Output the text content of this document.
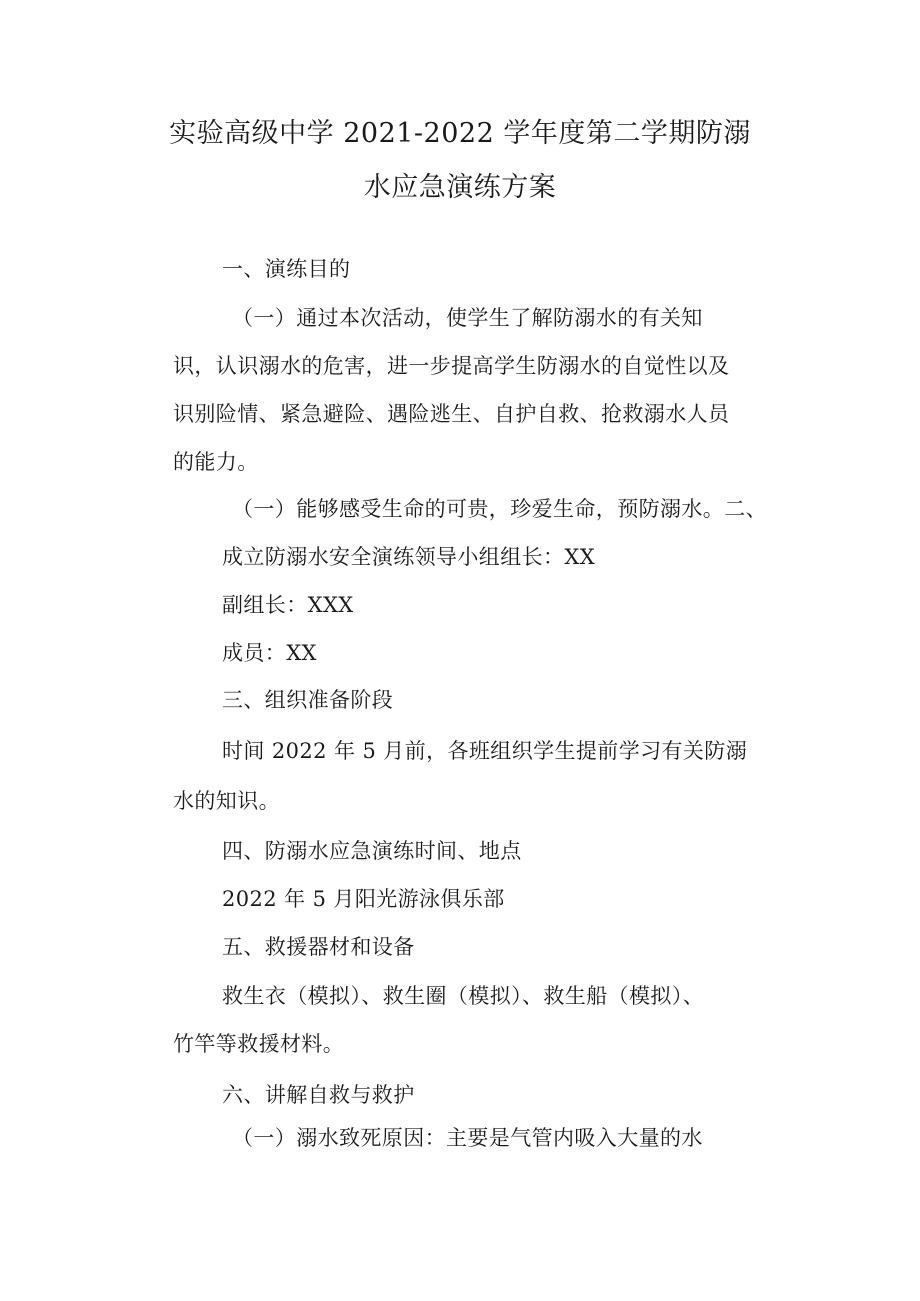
实验高级中学 2021-2022 学年度第二学期防溺
水应急演练方案
一、演练目的
（一）通过本次活动，使学生了解防溺水的有关知
识，认识溺水的危害，进一步提高学生防溺水的自觉性以及
识别险情、紧急避险、遇险逃生、自护自救、抢救溺水人员
的能力。
（一）能够感受生命的可贵，珍爱生命，预防溺水。二、
成立防溺水安全演练领导小组组长：XX
副组长：XXX
成员：XX
三、组织准备阶段
时间 2022 年 5 月前，各班组织学生提前学习有关防溺
水的知识。
四、防溺水应急演练时间、地点
2022 年 5 月阳光游泳俱乐部
五、救援器材和设备
救生衣（模拟）、救生圈（模拟）、救生船（模拟）、
竹竿等救援材料。
六、讲解自救与救护
（一）溺水致死原因：主要是气管内吸入大量的水
